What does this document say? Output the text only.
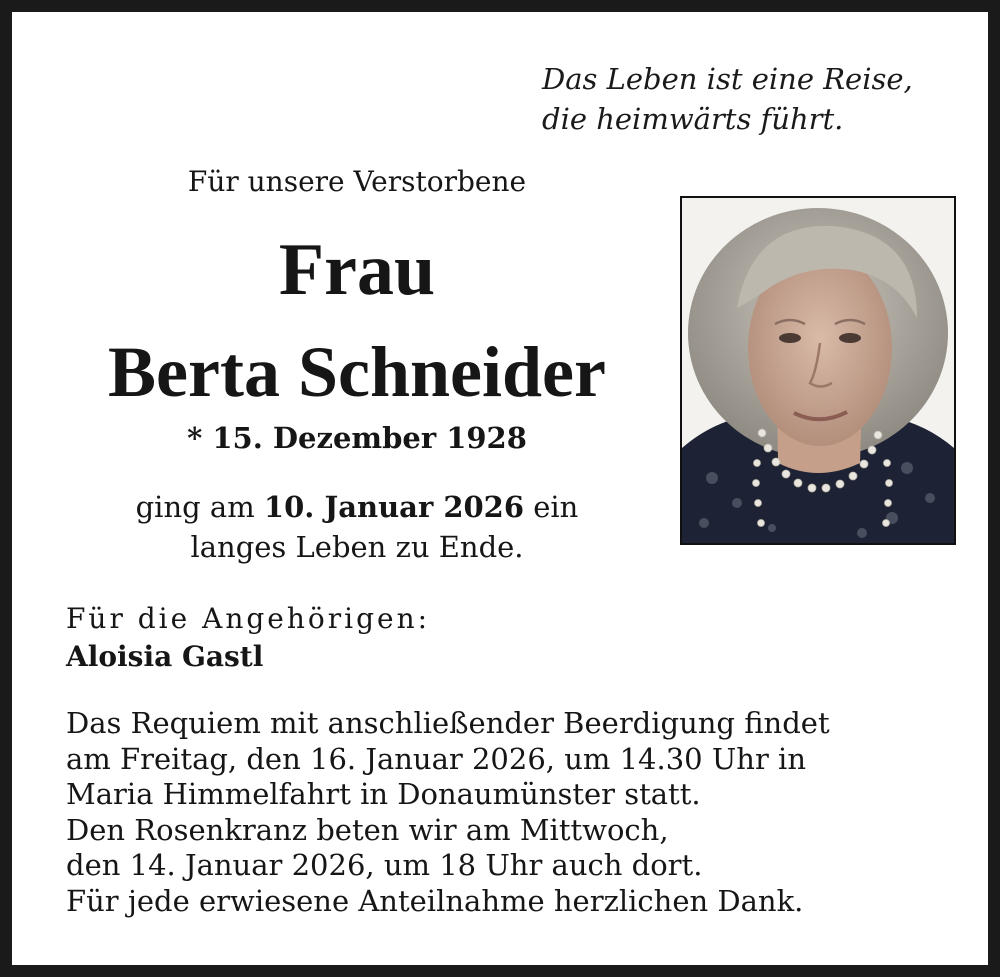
Das Leben ist eine Reise,
die heimwärts führt.
Für unsere Verstorbene
Frau
Berta Schneider
* 15. Dezember 1928
ging am 10. Januar 2026 ein
langes Leben zu Ende.
Für die Angehörigen:
Aloisia Gastl
Das Requiem mit anschließender Beerdigung findet
am Freitag, den 16. Januar 2026, um 14.30 Uhr in
Maria Himmelfahrt in Donaumünster statt.
Den Rosenkranz beten wir am Mittwoch,
den 14. Januar 2026, um 18 Uhr auch dort.
Für jede erwiesene Anteilnahme herzlichen Dank.
